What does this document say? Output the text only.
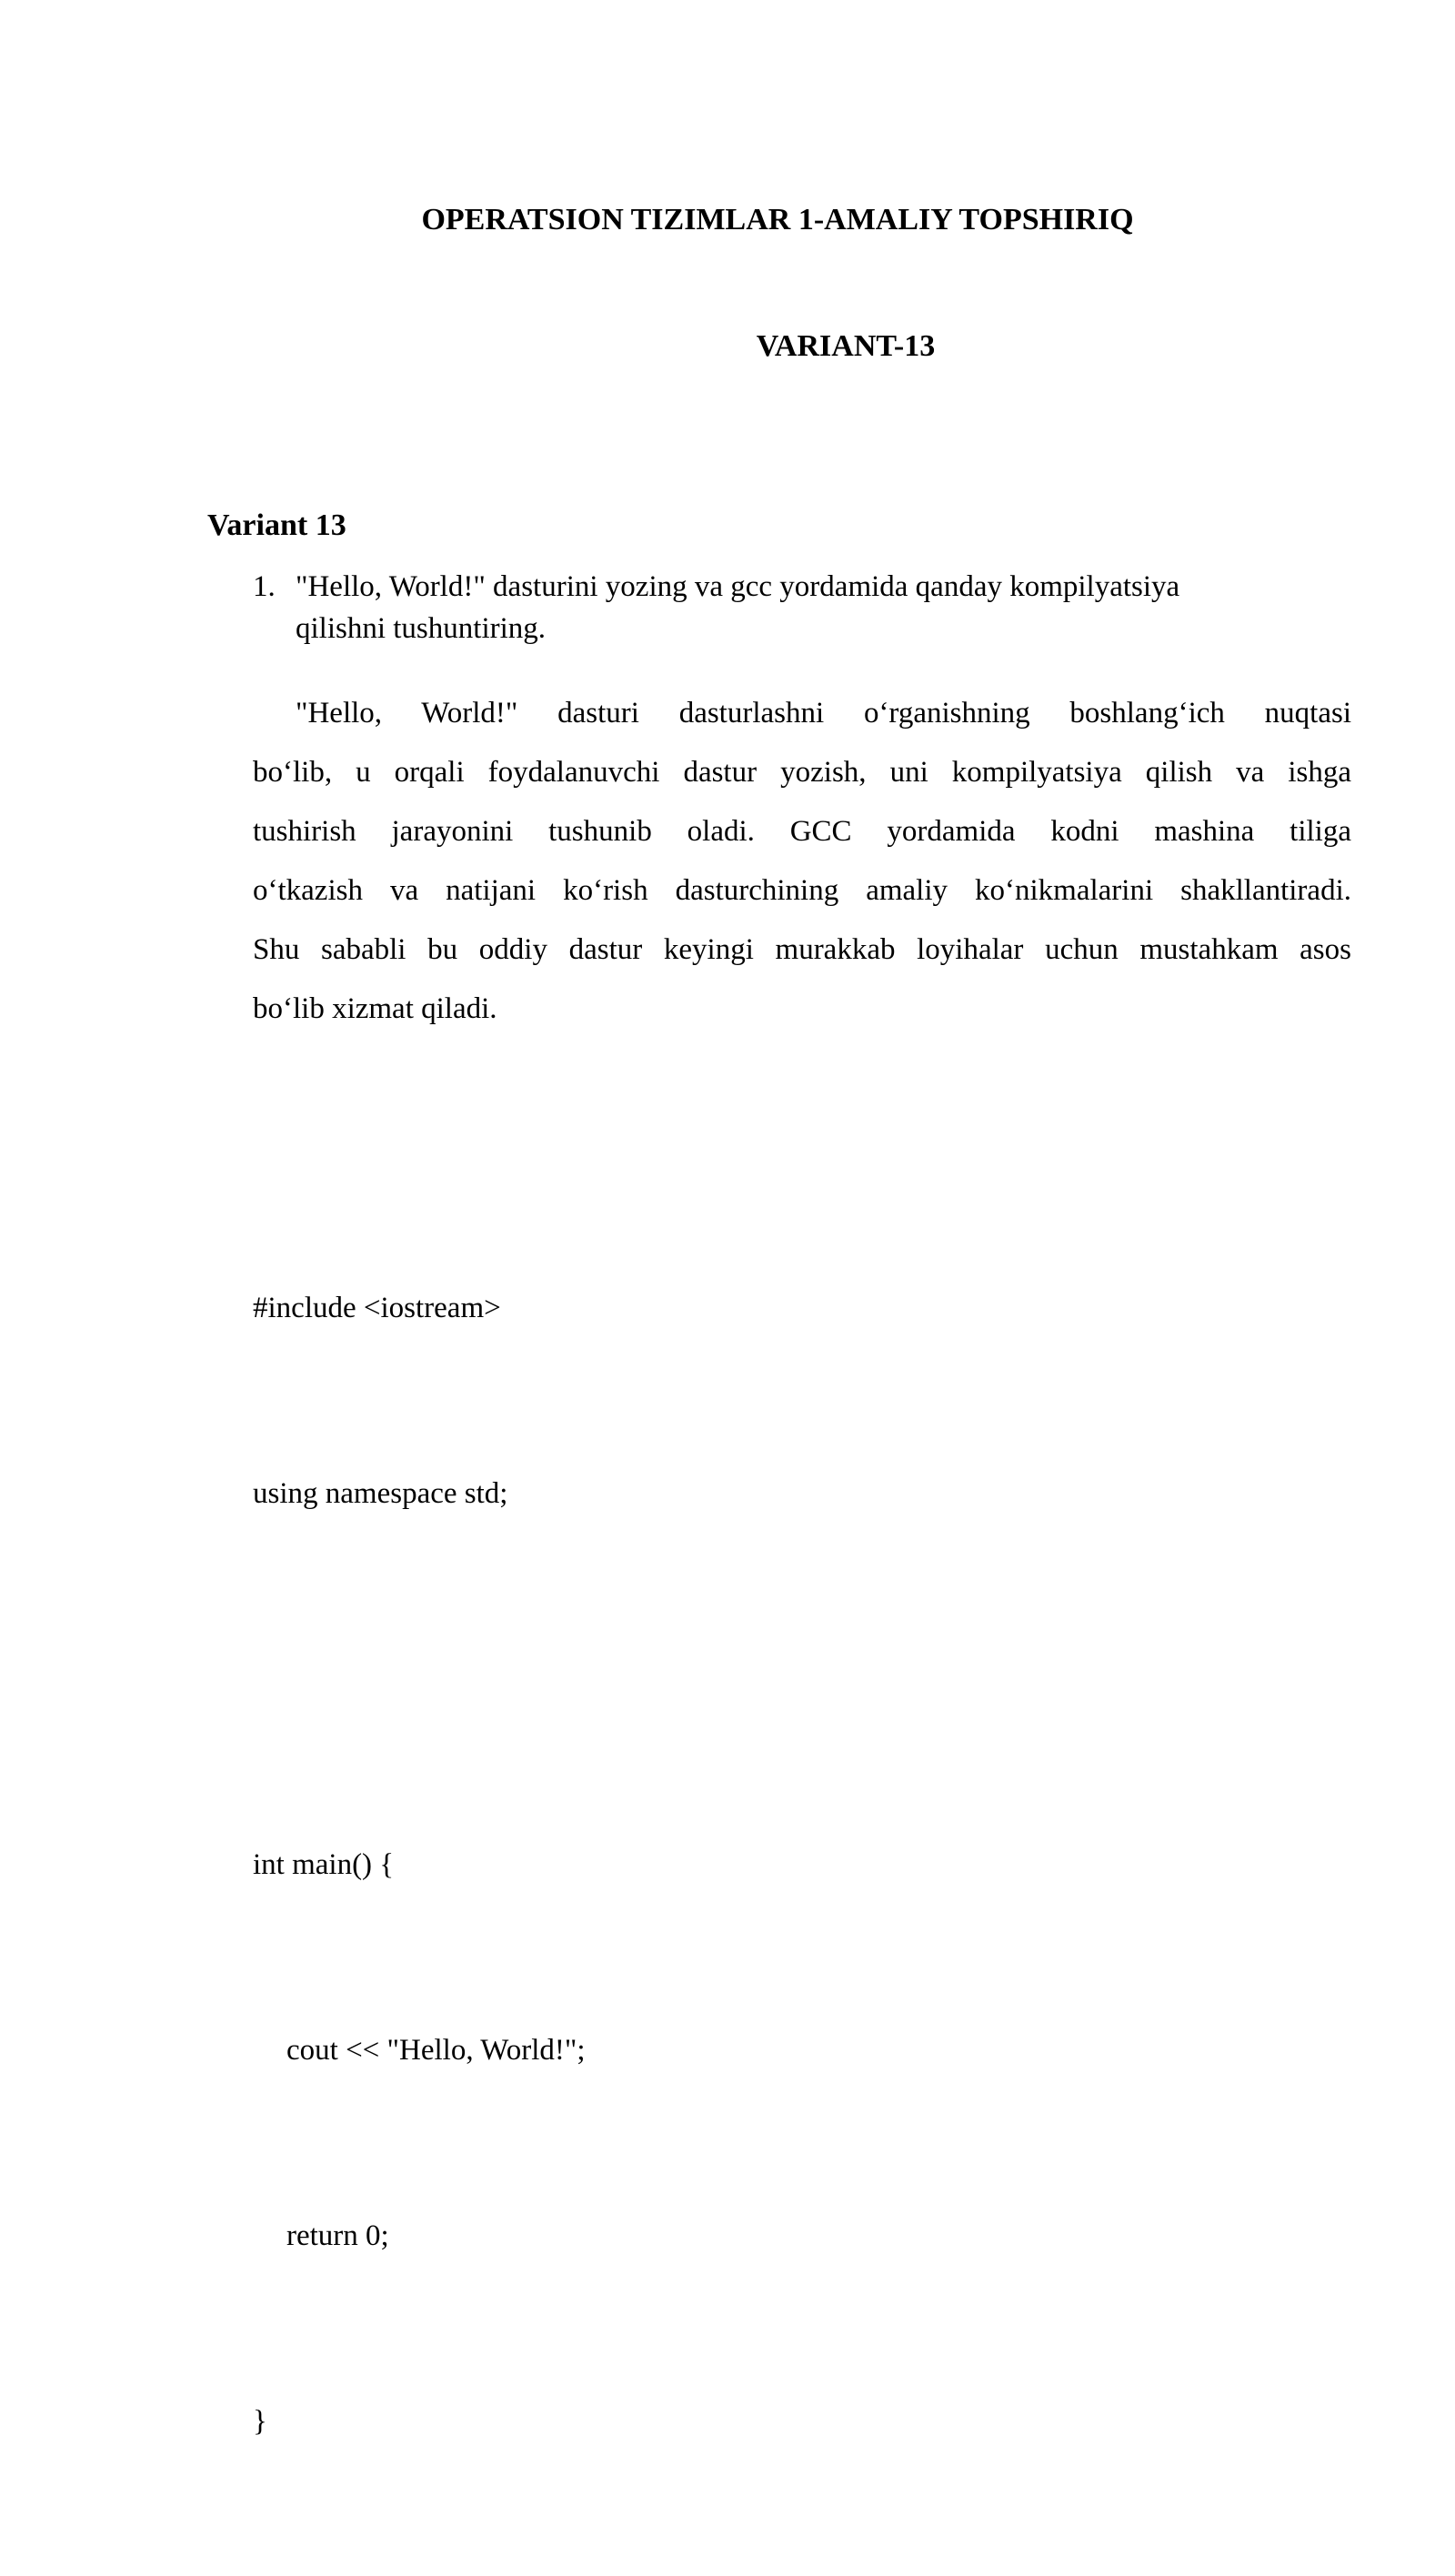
OPERATSION TIZIMLAR 1-AMALIY TOPSHIRIQ
VARIANT-13
Variant 13
1. "Hello, World!" dasturini yozing va gcc yordamida qanday kompilyatsiya
qilishni tushuntiring.
"Hello, World!" dasturi dasturlashni o‘rganishning boshlang‘ich nuqtasi
bo‘lib, u orqali foydalanuvchi dastur yozish, uni kompilyatsiya qilish va ishga
tushirish jarayonini tushunib oladi. GCC yordamida kodni mashina tiliga
o‘tkazish va natijani ko‘rish dasturchining amaliy ko‘nikmalarini shakllantiradi.
Shu sababli bu oddiy dastur keyingi murakkab loyihalar uchun mustahkam asos
bo‘lib xizmat qiladi.

#include <iostream>

using namespace std;

int main() {

cout << "Hello, World!";

return 0;

}
